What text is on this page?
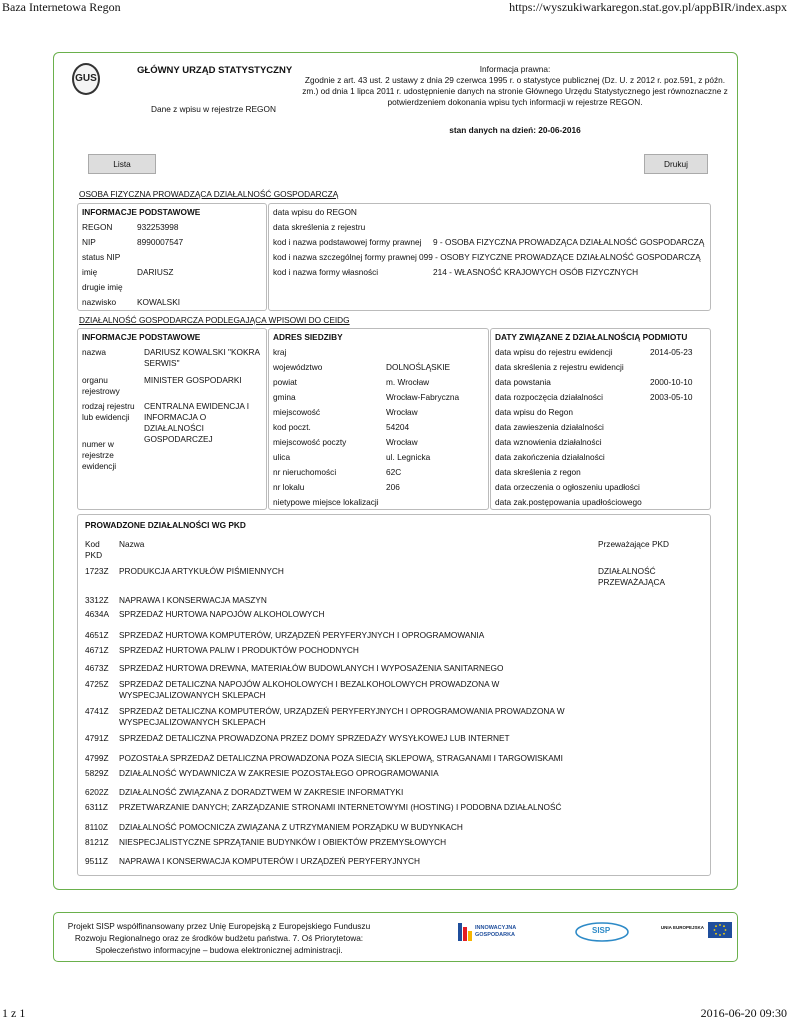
Baza Internetowa Regon	https://wyszukiwarkaregon.stat.gov.pl/appBIR/index.aspx
GUS
GŁÓWNY URZĄD STATYSTYCZNY
Dane z wpisu w rejestrze REGON
Informacja prawna:
Zgodnie z art. 43 ust. 2 ustawy z dnia 29 czerwca 1995 r. o statystyce publicznej (Dz. U. z 2012 r. poz.591, z późn. zm.) od dnia 1 lipca 2011 r. udostępnienie danych na stronie Głównego Urzędu Statystycznego jest równoznaczne z potwierdzeniem dokonania wpisu tych informacji w rejestrze REGON.
stan danych na dzień: 20-06-2016
Lista	Drukuj
OSOBA FIZYCZNA PROWADZĄCA DZIAŁALNOŚĆ GOSPODARCZĄ
INFORMACJE PODSTAWOWE
REGON	932253998
NIP	8990007547
status NIP
imię	DARIUSZ
drugie imię
nazwisko	KOWALSKI
data wpisu do REGON
data skreślenia z rejestru
kod i nazwa podstawowej formy prawnej 9 - OSOBA FIZYCZNA PROWADZĄCA DZIAŁALNOŚĆ GOSPODARCZĄ
kod i nazwa szczególnej formy prawnej 099 - OSOBY FIZYCZNE PROWADZĄCE DZIAŁALNOŚĆ GOSPODARCZĄ
kod i nazwa formy własności	214 - WŁASNOŚĆ KRAJOWYCH OSÓB FIZYCZNYCH
DZIAŁALNOŚĆ GOSPODARCZA PODLEGAJĄCA WPISOWI DO CEIDG
INFORMACJE PODSTAWOWE
nazwa	DARIUSZ KOWALSKI "KOKRA SERWIS"
organu rejestrowy
MINISTER GOSPODARKI
rodzaj rejestru lub ewidencji
CENTRALNA EWIDENCJA I INFORMACJA O DZIAŁALNOŚCI GOSPODARCZEJ
numer w rejestrze ewidencji
ADRES SIEDZIBY
kraj
województwo	DOLNOŚLĄSKIE
powiat	m. Wrocław
gmina	Wrocław-Fabryczna
miejscowość	Wrocław
kod poczt.	54204
miejscowość poczty	Wrocław
ulica	ul. Legnicka
nr nieruchomości	62C
nr lokalu	206
nietypowe miejsce lokalizacji
DATY ZWIĄZANE Z DZIAŁALNOŚCIĄ PODMIOTU
data wpisu do rejestru ewidencji	2014-05-23
data skreślenia z rejestru ewidencji
data powstania	2000-10-10
data rozpoczęcia działalności	2003-05-10
data wpisu do Regon
data zawieszenia działalności
data wznowienia działalności
data zakończenia działalności
data skreślenia z regon
data orzeczenia o ogłoszeniu upadłości
data zak.postępowania upadłościowego
PROWADZONE DZIAŁALNOŚCI WG PKD
Kod PKD
Nazwa	Przeważające PKD
1723Z PRODUKCJA ARTYKUŁÓW PIŚMIENNYCH	DZIAŁALNOŚĆ PRZEWAŻAJĄCA
3312Z NAPRAWA I KONSERWACJA MASZYN
4634A SPRZEDAŻ HURTOWA NAPOJÓW ALKOHOLOWYCH
4651Z SPRZEDAŻ HURTOWA KOMPUTERÓW, URZĄDZEŃ PERYFERYJNYCH I OPROGRAMOWANIA
4671Z SPRZEDAŻ HURTOWA PALIW I PRODUKTÓW POCHODNYCH
4673Z SPRZEDAŻ HURTOWA DREWNA, MATERIAŁÓW BUDOWLANYCH I WYPOSAŻENIA SANITARNEGO
4725Z SPRZEDAŻ DETALICZNA NAPOJÓW ALKOHOLOWYCH I BEZALKOHOLOWYCH PROWADZONA W WYSPECJALIZOWANYCH SKLEPACH
4741Z SPRZEDAŻ DETALICZNA KOMPUTERÓW, URZĄDZEŃ PERYFERYJNYCH I OPROGRAMOWANIA PROWADZONA W WYSPECJALIZOWANYCH SKLEPACH
4791Z SPRZEDAŻ DETALICZNA PROWADZONA PRZEZ DOMY SPRZEDAŻY WYSYŁKOWEJ LUB INTERNET
4799Z POZOSTAŁA SPRZEDAŻ DETALICZNA PROWADZONA POZA SIECIĄ SKLEPOWĄ, STRAGANAMI I TARGOWISKAMI
5829Z DZIAŁALNOŚĆ WYDAWNICZA W ZAKRESIE POZOSTAŁEGO OPROGRAMOWANIA
6202Z DZIAŁALNOŚĆ ZWIĄZANA Z DORADZTWEM W ZAKRESIE INFORMATYKI
6311Z PRZETWARZANIE DANYCH; ZARZĄDZANIE STRONAMI INTERNETOWYMI (HOSTING) I PODOBNA DZIAŁALNOŚĆ
8110Z DZIAŁALNOŚĆ POMOCNICZA ZWIĄZANA Z UTRZYMANIEM PORZĄDKU W BUDYNKACH
8121Z NIESPECJALISTYCZNE SPRZĄTANIE BUDYNKÓW I OBIEKTÓW PRZEMYSŁOWYCH
9511Z NAPRAWA I KONSERWACJA KOMPUTERÓW I URZĄDZEŃ PERYFERYJNYCH
Projekt SISP współfinansowany przez Unię Europejską z Europejskiego Funduszu Rozwoju Regionalnego oraz ze środków budżetu państwa. 7. Oś Priorytetowa: Społeczeństwo informacyjne – budowa elektronicznej administracji.
INNOWACYJNA GOSPODARKA	SISP	UNIA EUROPEJSKA
1 z 1	2016-06-20 09:30
